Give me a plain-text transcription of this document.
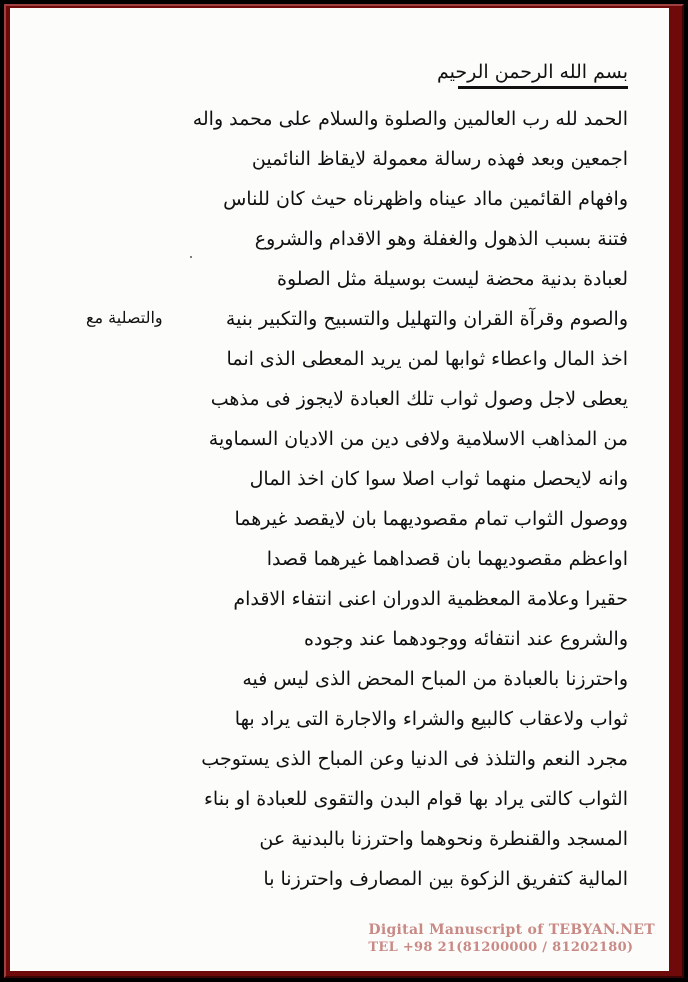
بسم الله الرحمن الرحيم
الحمد لله رب العالمين والصلوة والسلام على محمد واله
اجمعين وبعد فهذه رسالة معمولة لايقاظ النائمين
وافهام القائمين مااد عيناه واظهرناه حيث كان للناس
فتنة بسبب الذهول والغفلة وهو الاقدام والشروع
لعبادة بدنية محضة ليست بوسيلة مثل الصلوة
والصوم وقرآة القران والتهليل والتسبيح والتكبير بنية
اخذ المال واعطاء ثوابها لمن يريد المعطى الذى انما
يعطى لاجل وصول ثواب تلك العبادة لايجوز فى مذهب
من المذاهب الاسلامية ولافى دين من الاديان السماوية
وانه لايحصل منهما ثواب اصلا سوا كان اخذ المال
ووصول الثواب تمام مقصوديهما بان لايقصد غيرهما
اواعظم مقصوديهما بان قصداهما غيرهما قصدا
حقيرا وعلامة المعظمية الدوران اعنى انتفاء الاقدام
والشروع عند انتفائه ووجودهما عند وجوده
واحترزنا بالعبادة من المباح المحض الذى ليس فيه
ثواب ولاعقاب كالبيع والشراء والاجارة التى يراد بها
مجرد النعم والتلذذ فى الدنيا وعن المباح الذى يستوجب
الثواب كالتى يراد بها قوام البدن والتقوى للعبادة او بناء
المسجد والقنطرة ونحوهما واحترزنا بالبدنية عن
المالية كتفريق الزكوة بين المصارف واحترزنا با
والتصلية مع
Digital Manuscript of TEBYAN.NET
TEL +98 21(81200000 / 81202180)
